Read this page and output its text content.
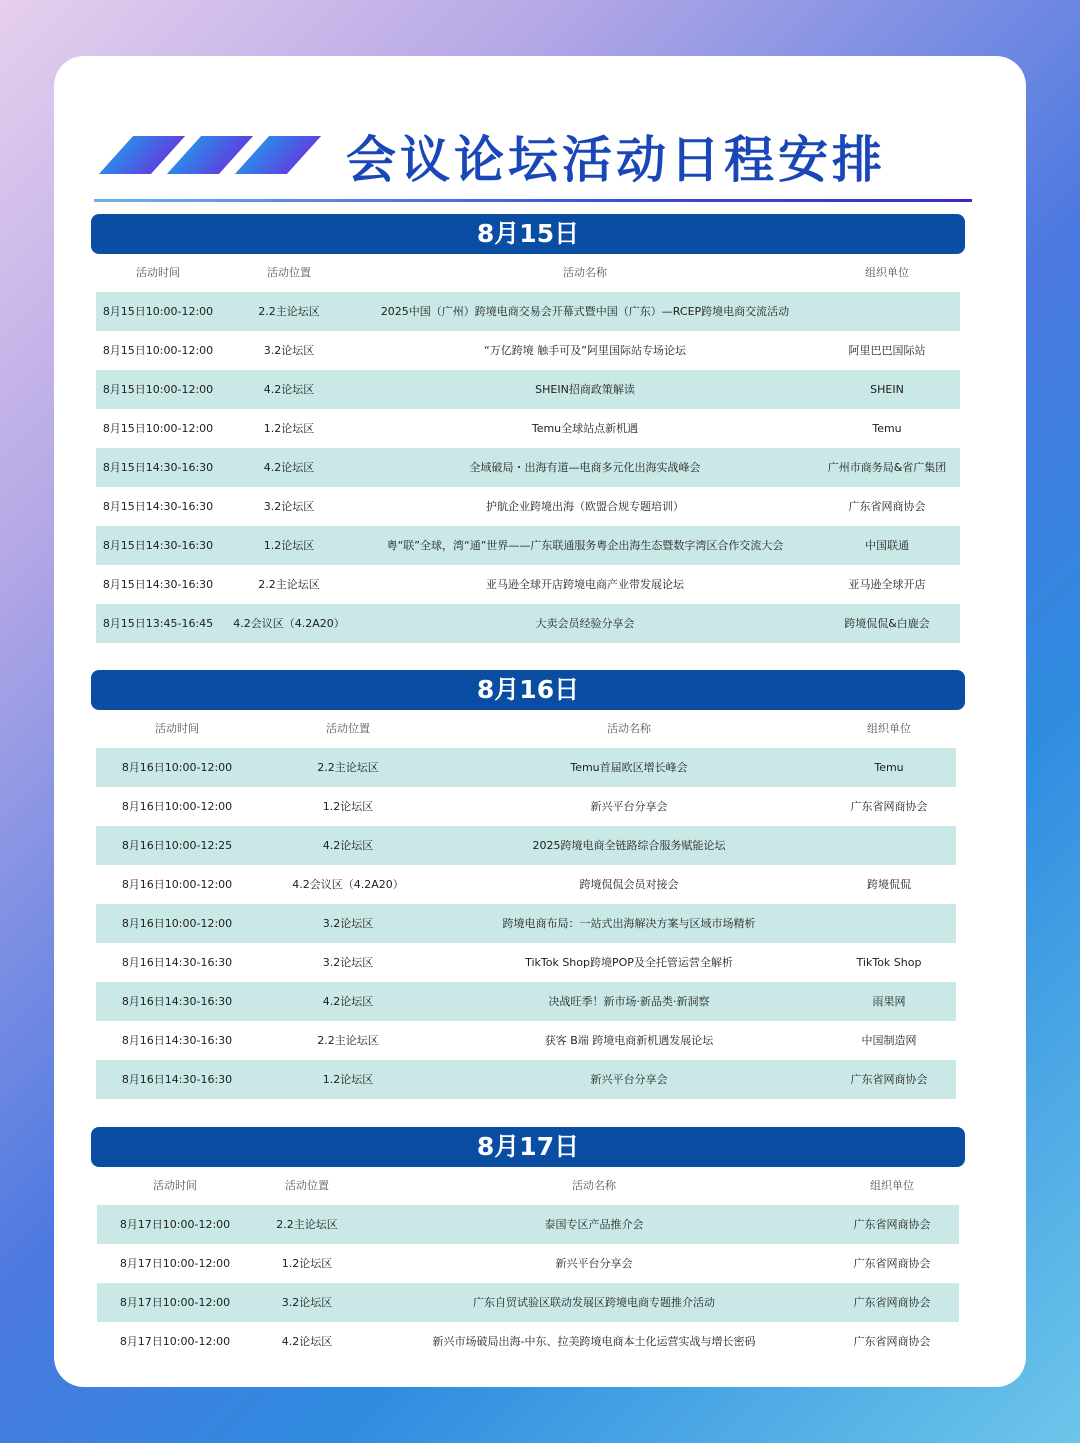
会议论坛活动日程安排
8月15日
活动时间	活动位置	活动名称	组织单位
8月15日10:00-12:00	2.2主论坛区	2025中国（广州）跨境电商交易会开幕式暨中国（广东）—RCEP跨境电商交流活动
8月15日10:00-12:00	3.2论坛区	“万亿跨境 触手可及”阿里国际站专场论坛	阿里巴巴国际站
8月15日10:00-12:00	4.2论坛区	SHEIN招商政策解读	SHEIN
8月15日10:00-12:00	1.2论坛区	Temu全球站点新机遇	Temu
8月15日14:30-16:30	4.2论坛区	全域破局・出海有道—电商多元化出海实战峰会	广州市商务局&省广集团
8月15日14:30-16:30	3.2论坛区	护航企业跨境出海（欧盟合规专题培训）	广东省网商协会
8月15日14:30-16:30	1.2论坛区	粤“联”全球，湾“通”世界——广东联通服务粤企出海生态暨数字湾区合作交流大会	中国联通
8月15日14:30-16:30	2.2主论坛区	亚马逊全球开店跨境电商产业带发展论坛	亚马逊全球开店
8月15日13:45-16:45	4.2会议区（4.2A20）	大卖会员经验分享会	跨境侃侃&白鹿会
8月16日
活动时间	活动位置	活动名称	组织单位
8月16日10:00-12:00	2.2主论坛区	Temu首届欧区增长峰会	Temu
8月16日10:00-12:00	1.2论坛区	新兴平台分享会	广东省网商协会
8月16日10:00-12:25	4.2论坛区	2025跨境电商全链路综合服务赋能论坛
8月16日10:00-12:00	4.2会议区（4.2A20）	跨境侃侃会员对接会	跨境侃侃
8月16日10:00-12:00	3.2论坛区	跨境电商布局：一站式出海解决方案与区域市场精析
8月16日14:30-16:30	3.2论坛区	TikTok Shop跨境POP及全托管运营全解析	TikTok Shop
8月16日14:30-16:30	4.2论坛区	决战旺季！新市场·新品类·新洞察	雨果网
8月16日14:30-16:30	2.2主论坛区	获客 B端 跨境电商新机遇发展论坛	中国制造网
8月16日14:30-16:30	1.2论坛区	新兴平台分享会	广东省网商协会
8月17日
活动时间	活动位置	活动名称	组织单位
8月17日10:00-12:00	2.2主论坛区	泰国专区产品推介会	广东省网商协会
8月17日10:00-12:00	1.2论坛区	新兴平台分享会	广东省网商协会
8月17日10:00-12:00	3.2论坛区	广东自贸试验区联动发展区跨境电商专题推介活动	广东省网商协会
8月17日10:00-12:00	4.2论坛区	新兴市场破局出海-中东、拉美跨境电商本土化运营实战与增长密码	广东省网商协会
